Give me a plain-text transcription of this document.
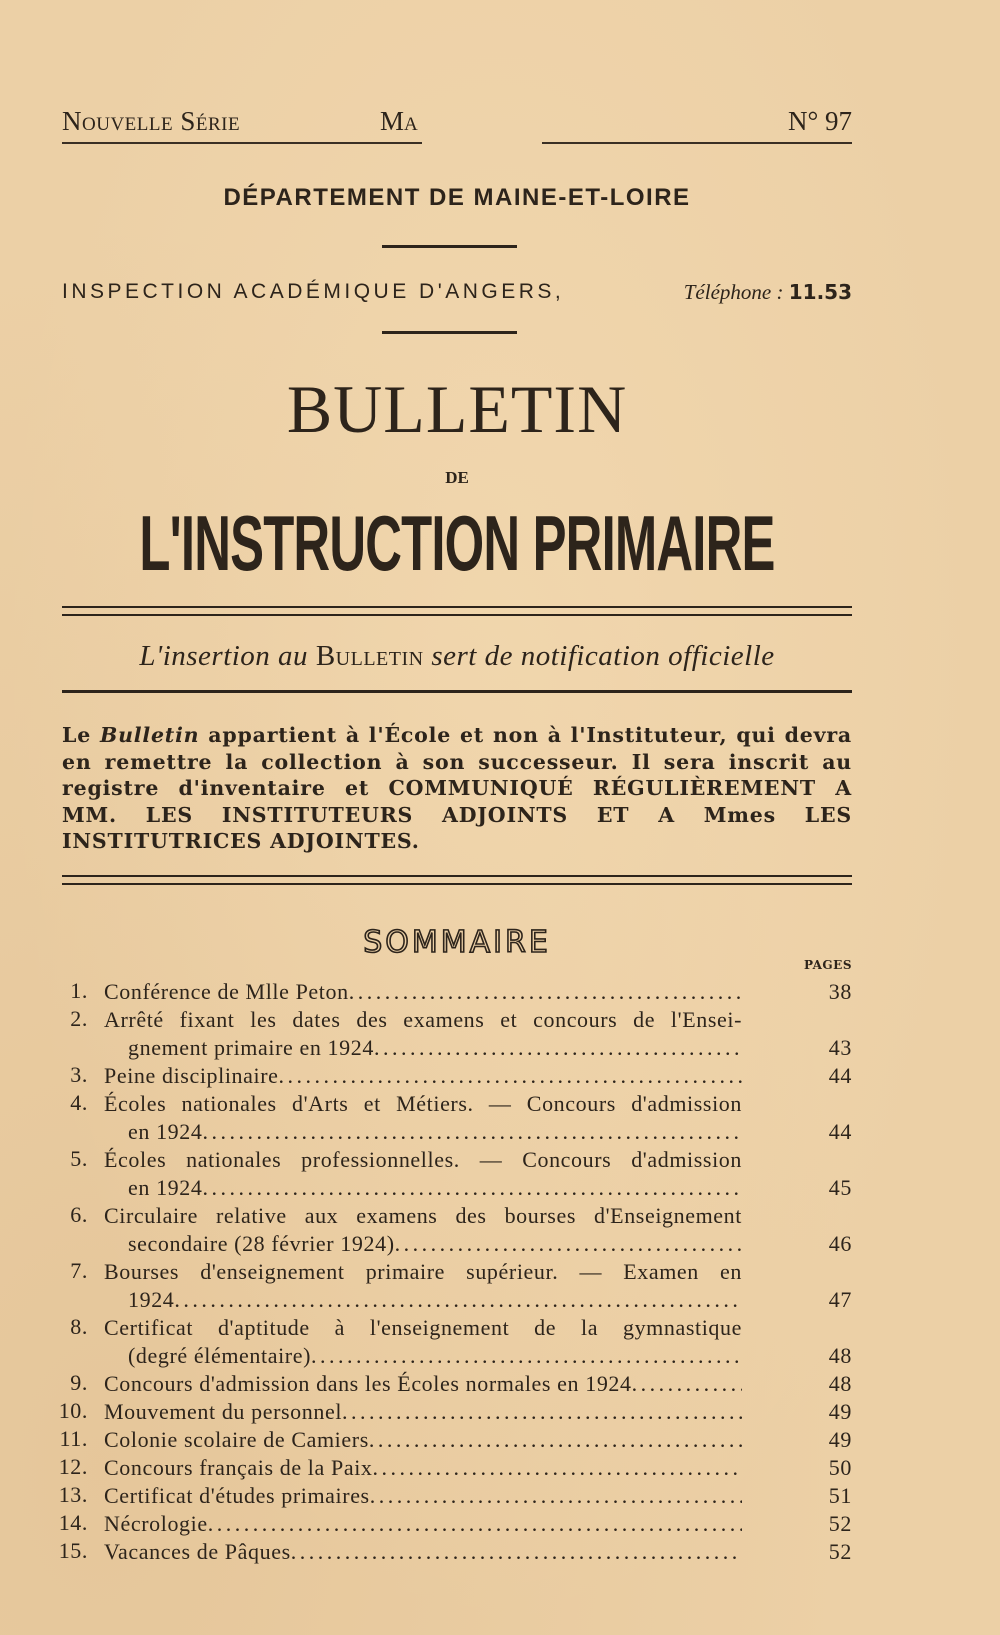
Nouvelle Série	Ma	N° 97
DÉPARTEMENT DE MAINE-ET-LOIRE
INSPECTION ACADÉMIQUE D'ANGERS,	Téléphone : 11.53
BULLETIN
DE
L'INSTRUCTION PRIMAIRE
L'insertion au Bulletin sert de notification officielle
Le Bulletin appartient à l'École et non à l'Instituteur, qui devra en remettre la collection à son successeur. Il sera inscrit au registre d'inventaire et COMMUNIQUÉ RÉGULIÈREMENT A MM. LES INSTITUTEURS ADJOINTS ET A Mmes LES INSTITUTRICES ADJOINTES.
SOMMAIRE
PAGES
1. Conférence de Mlle Peton . . .	38
2. Arrêté fixant les dates des examens et concours de l'Ensei-
gnement primaire en 1924 . . .	43
3. Peine disciplinaire . . .	44
4. Écoles nationales d'Arts et Métiers. — Concours d'admission
en 1924 . . .	44
5. Écoles nationales professionnelles. — Concours d'admission
en 1924 . . .	45
6. Circulaire relative aux examens des bourses d'Enseignement
secondaire (28 février 1924) . . .	46
7. Bourses d'enseignement primaire supérieur. — Examen en
1924 . . .	47
8. Certificat d'aptitude à l'enseignement de la gymnastique
(degré élémentaire) . . .	48
9. Concours d'admission dans les Écoles normales en 1924 . . .	48
10. Mouvement du personnel . . .	49
11. Colonie scolaire de Camiers . . .	49
12. Concours français de la Paix . . .	50
13. Certificat d'études primaires . . .	51
14. Nécrologie . . .	52
15. Vacances de Pâques . . .	52
